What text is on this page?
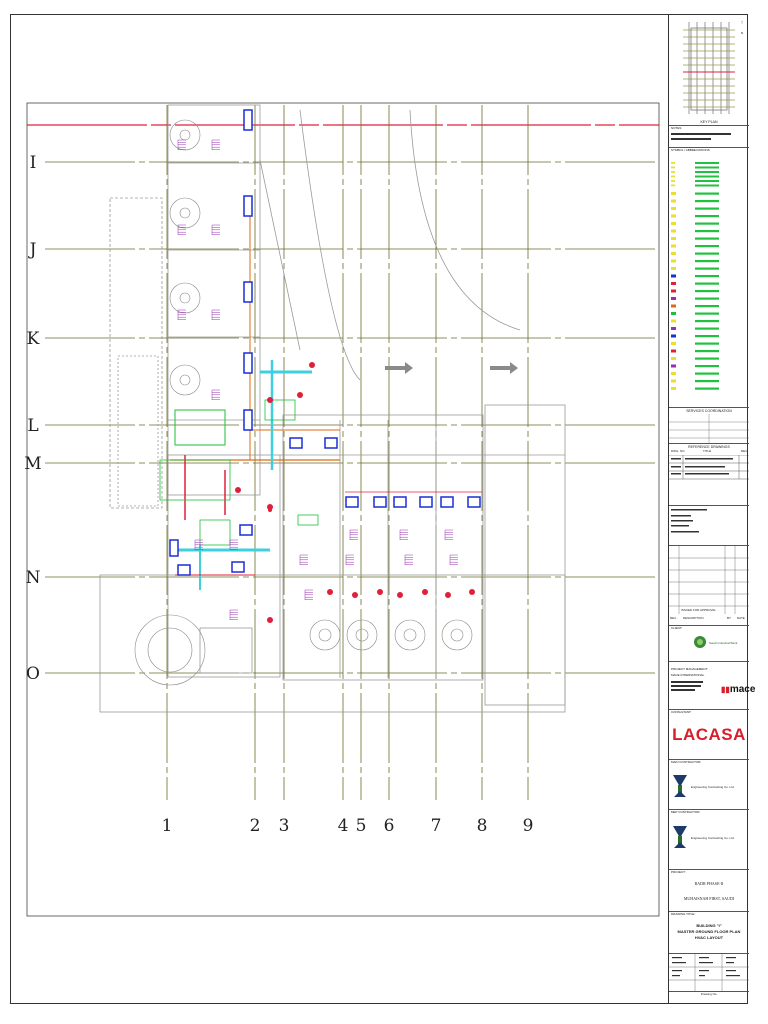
I
J
K
L
M
N
O
1	2 3	4 5 6 7 8 9
↑
N
KEY PLAN
NOTES
SYMBOL / ABBREVIATIONS
SERVICES COORDINATION
REFERENCE DRAWINGS
DWG. NO.	TITLE	REV.
ISSUED FOR APPROVAL
REV. DESCRIPTION	BY DATE
CLIENT:
Saudi Industrial Bank
PROJECT MANAGEMENT:
MACE INTERNATIONAL
▮▮mace
CONSULTANT:
LACASA
MAIN CONTRACTOR:
Engineering Contracting Co. Ltd.
MEP CONTRACTOR:
Engineering Contracting Co. Ltd.
PROJECT:
BADR PHASE-II
MUHAISNAH FIRST, SAUDI
DRAWING TITLE:
BUILDING "I"
MASTER GROUND FLOOR PLAN
HVAC LAYOUT
Drawing No.
